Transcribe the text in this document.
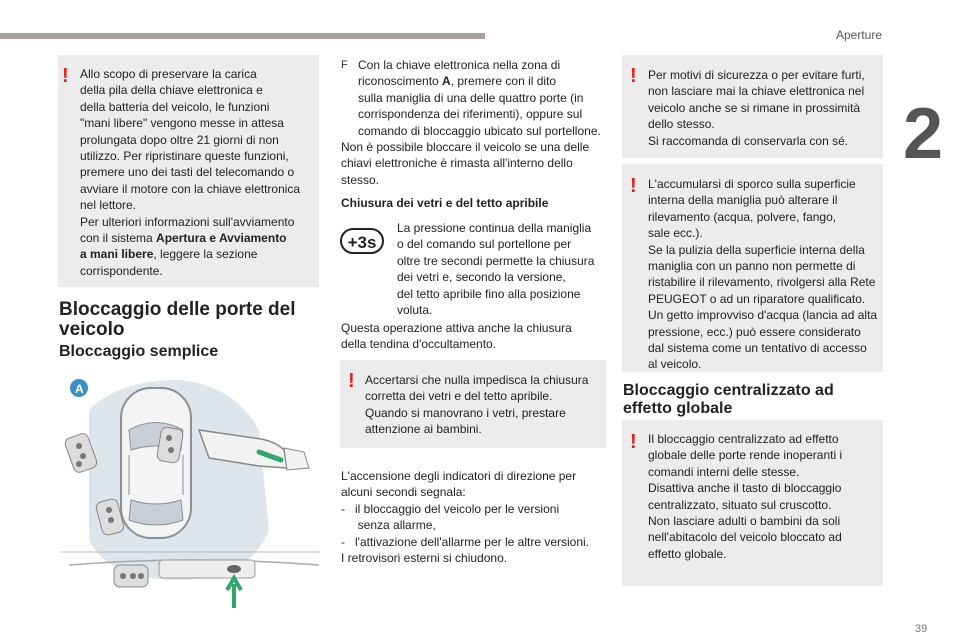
Aperture
2
39
! Allo scopo di preservare la carica

della pila della chiave elettronica e

della batteria del veicolo, le funzioni

"mani libere" vengono messe in attesa

prolungata dopo oltre 21 giorni di non

utilizzo. Per ripristinare queste funzioni,

premere uno dei tasti del telecomando o

avviare il motore con la chiave elettronica

nel lettore.

Per ulteriori informazioni sull'avviamento

con il sistema Apertura e Avviamento

a mani libere, leggere la sezione

corrispondente.

Bloccaggio delle porte del
veicolo
Bloccaggio semplice
A
F Con la chiave elettronica nella zona di

riconoscimento A, premere con il dito

sulla maniglia di una delle quattro porte (in

corrispondenza dei riferimenti), oppure sul

comando di bloccaggio ubicato sul portellone.

Non è possibile bloccare il veicolo se una delle

chiavi elettroniche è rimasta all'interno dello

stesso.

Chiusura dei vetri e del tetto apribile
+3s

La pressione continua della maniglia

o del comando sul portellone per

oltre tre secondi permette la chiusura

dei vetri e, secondo la versione,

del tetto apribile fino alla posizione

voluta.

Questa operazione attiva anche la chiusura

della tendina d'occultamento.

! Accertarsi che nulla impedisca la chiusura

corretta dei vetri e del tetto apribile.

Quando si manovrano i vetri, prestare

attenzione ai bambini.

L'accensione degli indicatori di direzione per

alcuni secondi segnala:

-   il bloccaggio del veicolo per le versioni

senza allarme,

-   l'attivazione dell'allarme per le altre versioni.

I retrovisori esterni si chiudono.

! Per motivi di sicurezza o per evitare furti,

non lasciare mai la chiave elettronica nel

veicolo anche se si rimane in prossimità

dello stesso.

Si raccomanda di conservarla con sé.

! L'accumularsi di sporco sulla superficie

interna della maniglia può alterare il

rilevamento (acqua, polvere, fango,

sale ecc.).

Se la pulizia della superficie interna della

maniglia con un panno non permette di

ristabilire il rilevamento, rivolgersi alla Rete

PEUGEOT o ad un riparatore qualificato.

Un getto improvviso d'acqua (lancia ad alta

pressione, ecc.) può essere considerato

dal sistema come un tentativo di accesso

al veicolo.

Bloccaggio centralizzato ad
effetto globale
! Il bloccaggio centralizzato ad effetto

globale delle porte rende inoperanti i

comandi interni delle stesse.

Disattiva anche il tasto di bloccaggio

centralizzato, situato sul cruscotto.

Non lasciare adulti o bambini da soli

nell'abitacolo del veicolo bloccato ad

effetto globale.
